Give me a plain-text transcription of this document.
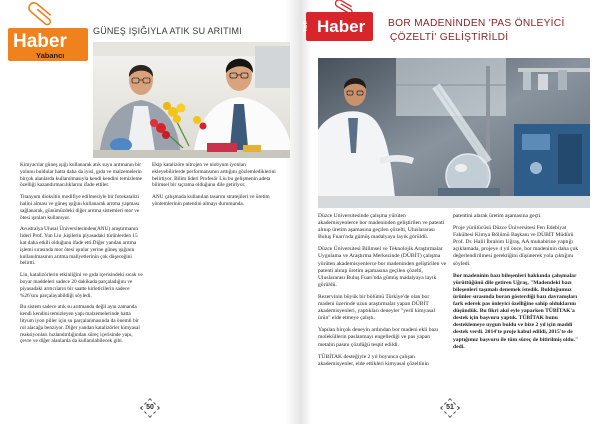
Haber
Yabancı
GÜNEŞ IŞIĞIYLA ATIK SU ARITIMI

Kimyacılar güneş ışığı kullanarak atık suyu arıtmanın bir yolunu buldular hatta daha da iyisi, gıda ve malzemelerin birçok alanlarda kullanılmasıyla kendi kendini temizleme özelliği kazandırmacılıklarını ifade ettiler.

Titanyum dioksitin modifiye edilmesiyle bir fotokatalizi halini alması ve güneş ışığını kullanarak arıtma yapması sağlanarak, günümüzdeki diğer arıtma sistemleri mor ve ötesi ışınları kullanıyor.

Avustralya Ulusal Üniversitesinden(ANU) araştırmanın lideri Prof. Yun Liu ,kişilerin piyasadaki türünlerden 15 kat daha etkili olduğunu ifade etti.Diğer yandan arıtma işlemi sırasında mor ötesi ışınlar yerine güneş ışığının kullanılmasının arıtma maliyetlerinin çok düşeceğini belirtti.

Liu, katalizörlerin etkinliğini ve gıda içerisindeki sıcak ve boyar maddeleri sadece 20 dakikada parçaladığını ve piyasadaki arıtıcıların bir saatte kirleticilerin sadece %26'sını parçalayabildiği söyledi.

Bu sistem sadece atık su arıtmanda değil aynı zamanda kendi kendini temizleyen yapı malzemelerinde hatta lityum iyon piller için su parçalanmasında da önemli bir rol alacağa benziyor. Diğer yandan katalizörler kimyasal reaksiyonları hızlandırdığından süreç içerisinde yapı, çevre ve diğer alanlarda da kullanılabilecek gibi.

Ekip katalizöre nitrojen ve niobyum iyonları ekleyebilirlerde performansının arttığını gözlemlediklerini belirtiyor. Bilim lideri Profesör Liu bu gelişmenin adeta bilimsel bir sıçrama olduğunu dile getiriyor.

ANU çalışmada kullanılan tasarım stratejileri ve üretim yöntemlerinin patentini almayı durumunda.

50
Yerli Haber BOR MADENİNDEN 'PAS ÖNLEYİCİ
ÇÖZELTİ' GELİŞTİRİLDİ

Düzce Üniversitesinde çalışma yürüten akademisyenlerce bor madeninden geliştirilen ve patenti alınıp üretim aşamasına geçilen çözelti, Uluslararası Buluş Fuarı'nda gümüş madalyaya layık görüldü.

Düzce Üniversitesi Bilimsel ve Teknolojik Araştırmalar Uygulama ve Araştırma Merkezinde (DÜBİT) çalışma yürüten akademisyenlerce bor madeninden geliştirilen ve patenti alınıp üretim aşamasına geçilen çözelti, Uluslararası Buluş Fuarı'nda gümüş madalyaya layık görüldü.

Rezervinin büyük bir bölümü Türkiye'de olan bor madeni üzerinde uzun araştırmalar yapan DÜBİT akademisyenleri, yaptıkları deneyler "yerli kimyasal ürün" elde etmeye çalıştı.

Yapılan birçok deneyin ardından bor madeni ekli bazı moleküllerin paslanmayı engellediği ve pas yapan metalin pasını çözdüğü tespit edildi.

TÜBİTAK desteğiyle 2 yıl boyunca çalışan akademisyenler, elde ettikleri kimyasal çözeltinin

patentini alarak üretim aşamasına geçti.

Proje yürütücüsü Düzce Üniversitesi Fen Edebiyat Fakültesi Kimya Bölümü Başkanı ve DÜBİT Müdürü Prof. Dr. Halil İbrahim Uğraş, AA muhabirine yaptığı açıklamada, projeye 4 yıl önce, bor madeninin daha çok değerlendirilmesi gerektiğini düşünerek yola çıktığını söyledi.

Bor madeninin bazı bileşenleri hakkında çalışmalar yürüttüğünü dile getiren Uğraş, "Madendeki bazı bileşenleri taşımalı denemek istedik. Bulduğumuz ürünler sırasında boran gösterdiği bazı davranışları fark ederek pas önleyici özelliğine sahip olduklarını düşündük. Bu fikri akıl eyle yaparken TÜBİTAK'a destek için başvuru yaptık. TÜBİTAK bunu desteklemeye uygun buldu ve bize 2 yıl için maddi destek verdi. 2014'te proje kabul edildi, 2015'te de yaptığımız başvuru ile tüm süreç de bitirilmiş oldu." dedi.

51
